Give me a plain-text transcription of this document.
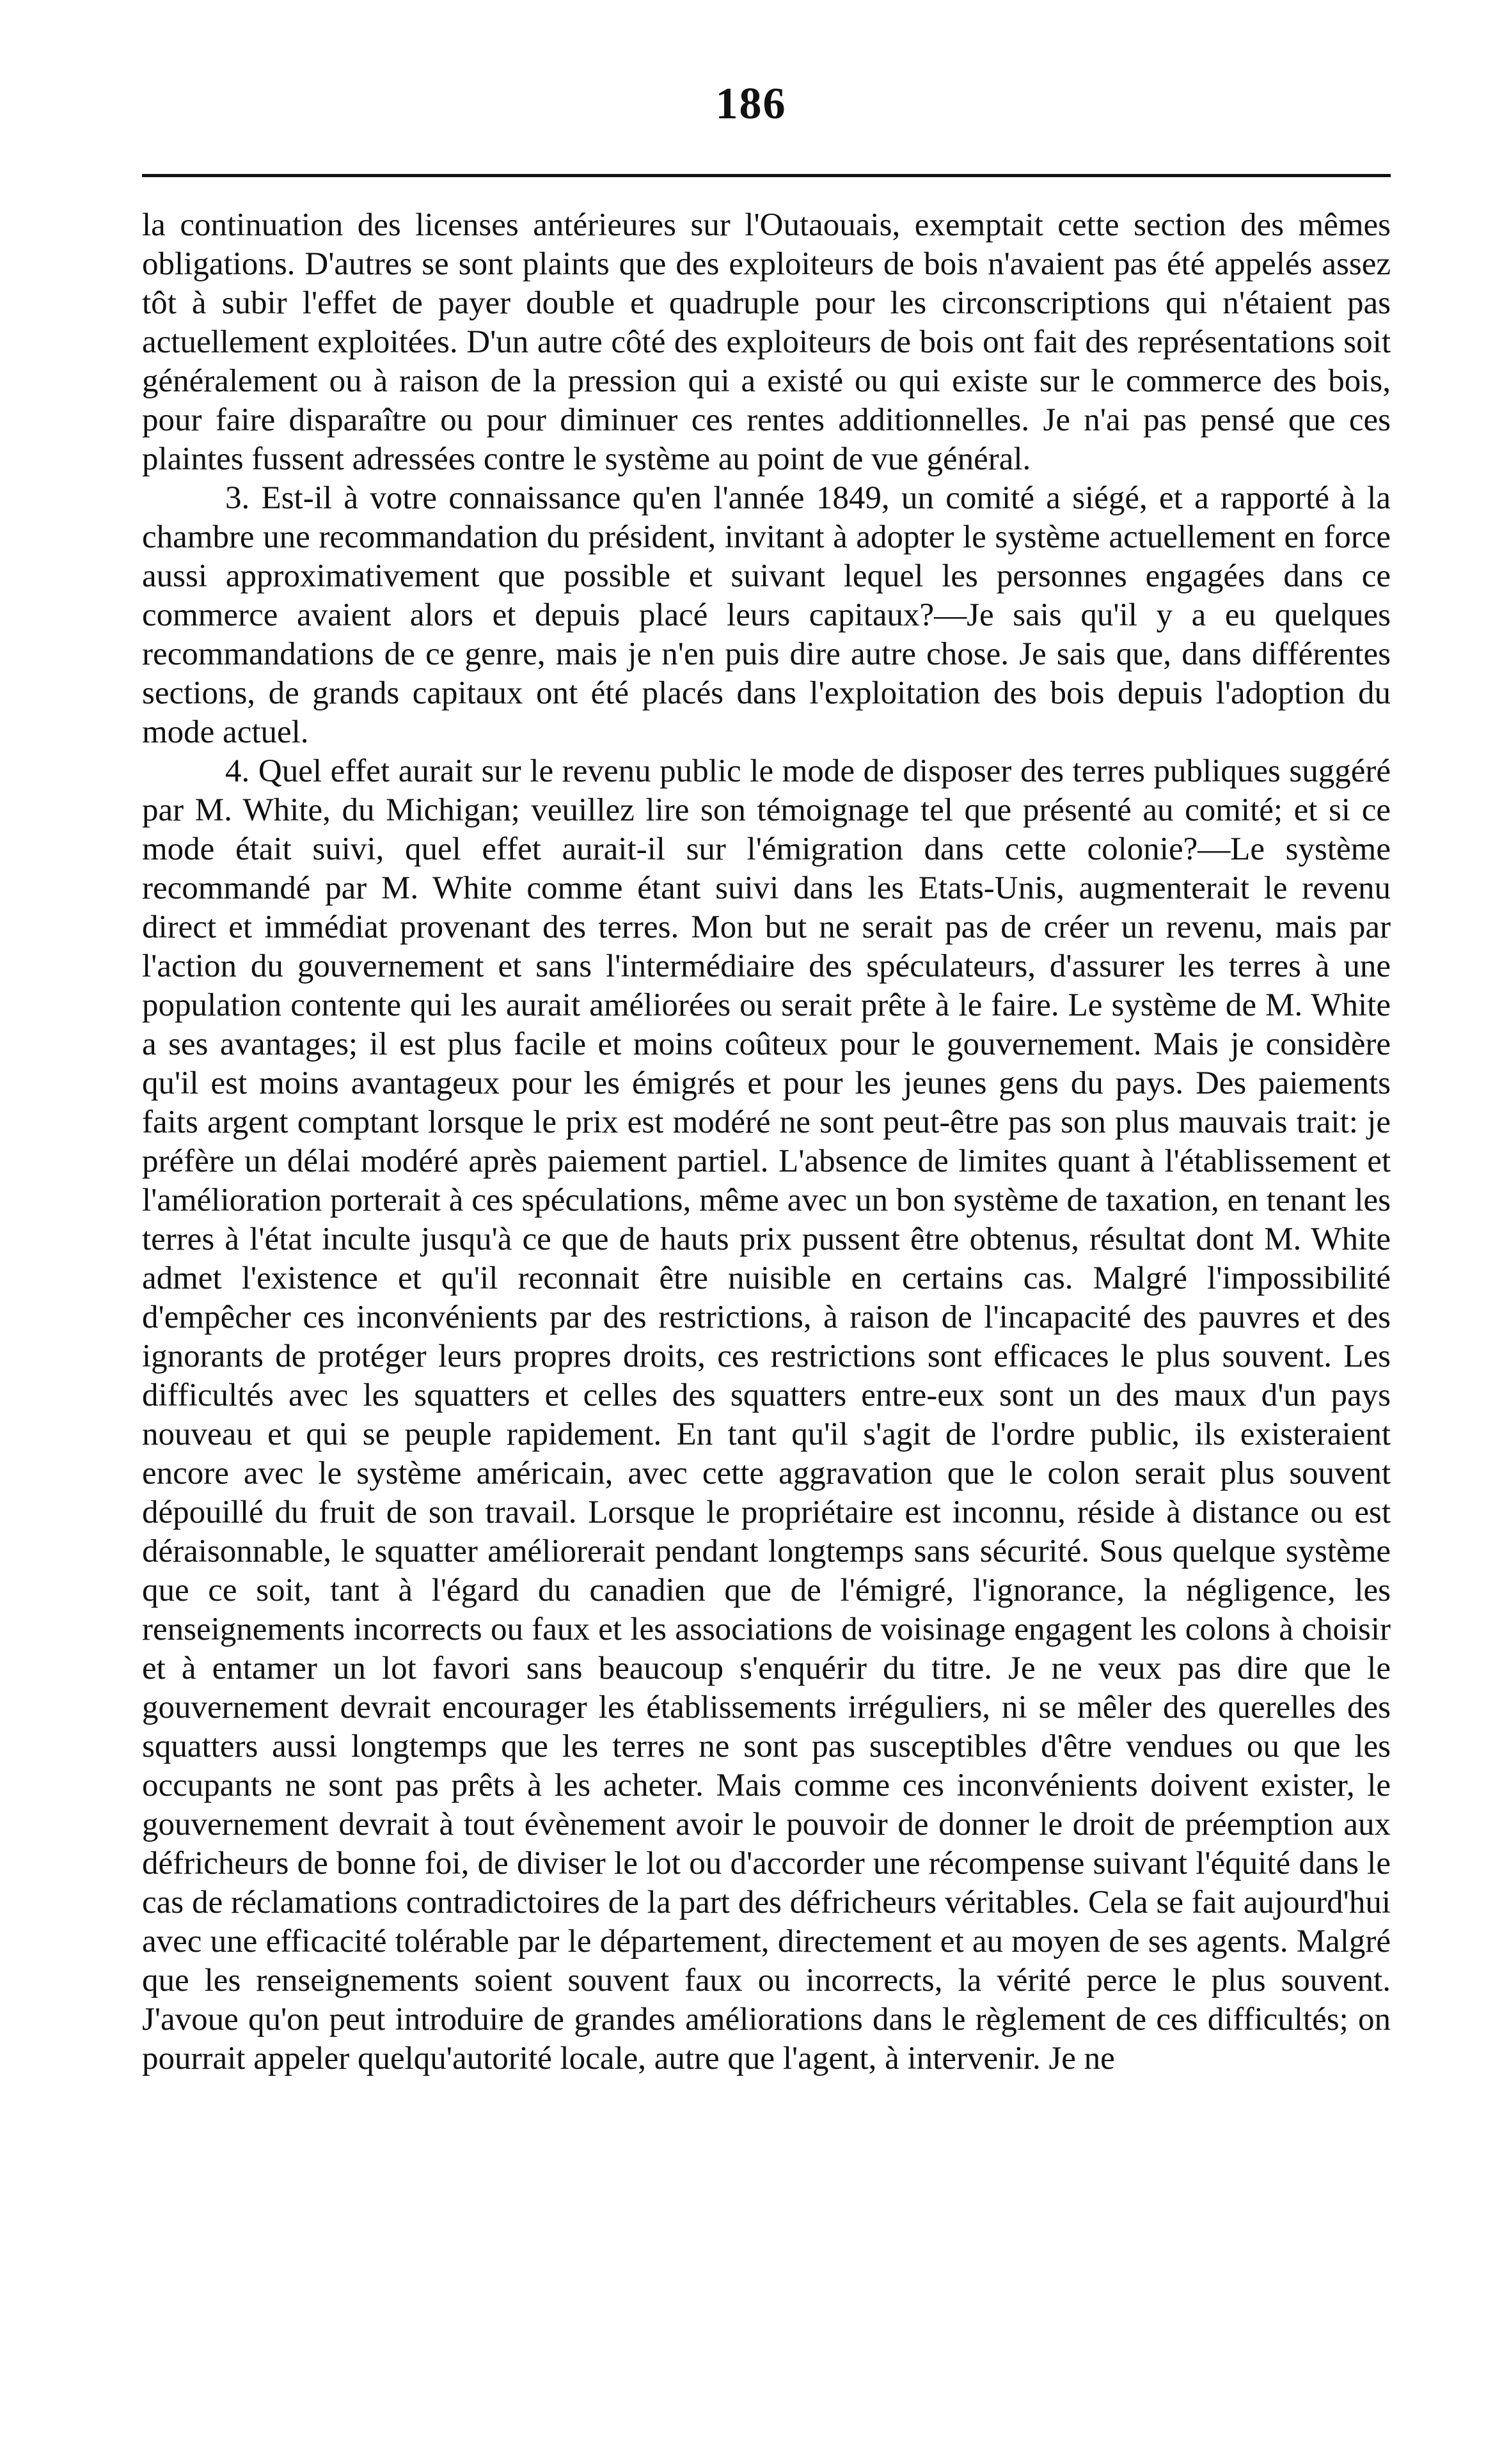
186

la continuation des licenses antérieures sur l'Outaouais, exemptait cette section des mêmes obligations. D'autres se sont plaints que des exploiteurs de bois n'avaient pas été appelés assez tôt à subir l'effet de payer double et quadruple pour les circonscriptions qui n'étaient pas actuellement exploitées. D'un autre côté des exploiteurs de bois ont fait des représentations soit généralement ou à raison de la pression qui a existé ou qui existe sur le commerce des bois, pour faire disparaître ou pour diminuer ces rentes additionnelles. Je n'ai pas pensé que ces plaintes fussent adressées contre le système au point de vue général.

3. Est-il à votre connaissance qu'en l'année 1849, un comité a siégé, et a rapporté à la chambre une recommandation du président, invitant à adopter le système actuellement en force aussi approximativement que possible et suivant lequel les personnes engagées dans ce commerce avaient alors et depuis placé leurs capitaux?—Je sais qu'il y a eu quelques recommandations de ce genre, mais je n'en puis dire autre chose. Je sais que, dans différentes sections, de grands capitaux ont été placés dans l'exploitation des bois depuis l'adoption du mode actuel.

4. Quel effet aurait sur le revenu public le mode de disposer des terres publiques suggéré par M. White, du Michigan; veuillez lire son témoignage tel que présenté au comité; et si ce mode était suivi, quel effet aurait-il sur l'émigration dans cette colonie?—Le système recommandé par M. White comme étant suivi dans les Etats-Unis, augmenterait le revenu direct et immédiat provenant des terres. Mon but ne serait pas de créer un revenu, mais par l'action du gouvernement et sans l'intermédiaire des spéculateurs, d'assurer les terres à une population contente qui les aurait améliorées ou serait prête à le faire. Le système de M. White a ses avantages; il est plus facile et moins coûteux pour le gouvernement. Mais je considère qu'il est moins avantageux pour les émigrés et pour les jeunes gens du pays. Des paiements faits argent comptant lorsque le prix est modéré ne sont peut-être pas son plus mauvais trait: je préfère un délai modéré après paiement partiel. L'absence de limites quant à l'établissement et l'amélioration porterait à ces spéculations, même avec un bon système de taxation, en tenant les terres à l'état inculte jusqu'à ce que de hauts prix pussent être obtenus, résultat dont M. White admet l'existence et qu'il reconnait être nuisible en certains cas. Malgré l'impossibilité d'empêcher ces inconvénients par des restrictions, à raison de l'incapacité des pauvres et des ignorants de protéger leurs propres droits, ces restrictions sont efficaces le plus souvent. Les difficultés avec les squatters et celles des squatters entre-eux sont un des maux d'un pays nouveau et qui se peuple rapidement. En tant qu'il s'agit de l'ordre public, ils existeraient encore avec le système américain, avec cette aggravation que le colon serait plus souvent dépouillé du fruit de son travail. Lorsque le propriétaire est inconnu, réside à distance ou est déraisonnable, le squatter améliorerait pendant longtemps sans sécurité. Sous quelque système que ce soit, tant à l'égard du canadien que de l'émigré, l'ignorance, la négligence, les renseignements incorrects ou faux et les associations de voisinage engagent les colons à choisir et à entamer un lot favori sans beaucoup s'enquérir du titre. Je ne veux pas dire que le gouvernement devrait encourager les établissements irréguliers, ni se mêler des querelles des squatters aussi longtemps que les terres ne sont pas susceptibles d'être vendues ou que les occupants ne sont pas prêts à les acheter. Mais comme ces inconvénients doivent exister, le gouvernement devrait à tout évènement avoir le pouvoir de donner le droit de préemption aux défricheurs de bonne foi, de diviser le lot ou d'accorder une récompense suivant l'équité dans le cas de réclamations contradictoires de la part des défricheurs véritables. Cela se fait aujourd'hui avec une efficacité tolérable par le département, directement et au moyen de ses agents. Malgré que les renseignements soient souvent faux ou incorrects, la vérité perce le plus souvent. J'avoue qu'on peut introduire de grandes améliorations dans le règlement de ces difficultés; on pourrait appeler quelqu'autorité locale, autre que l'agent, à intervenir. Je ne
